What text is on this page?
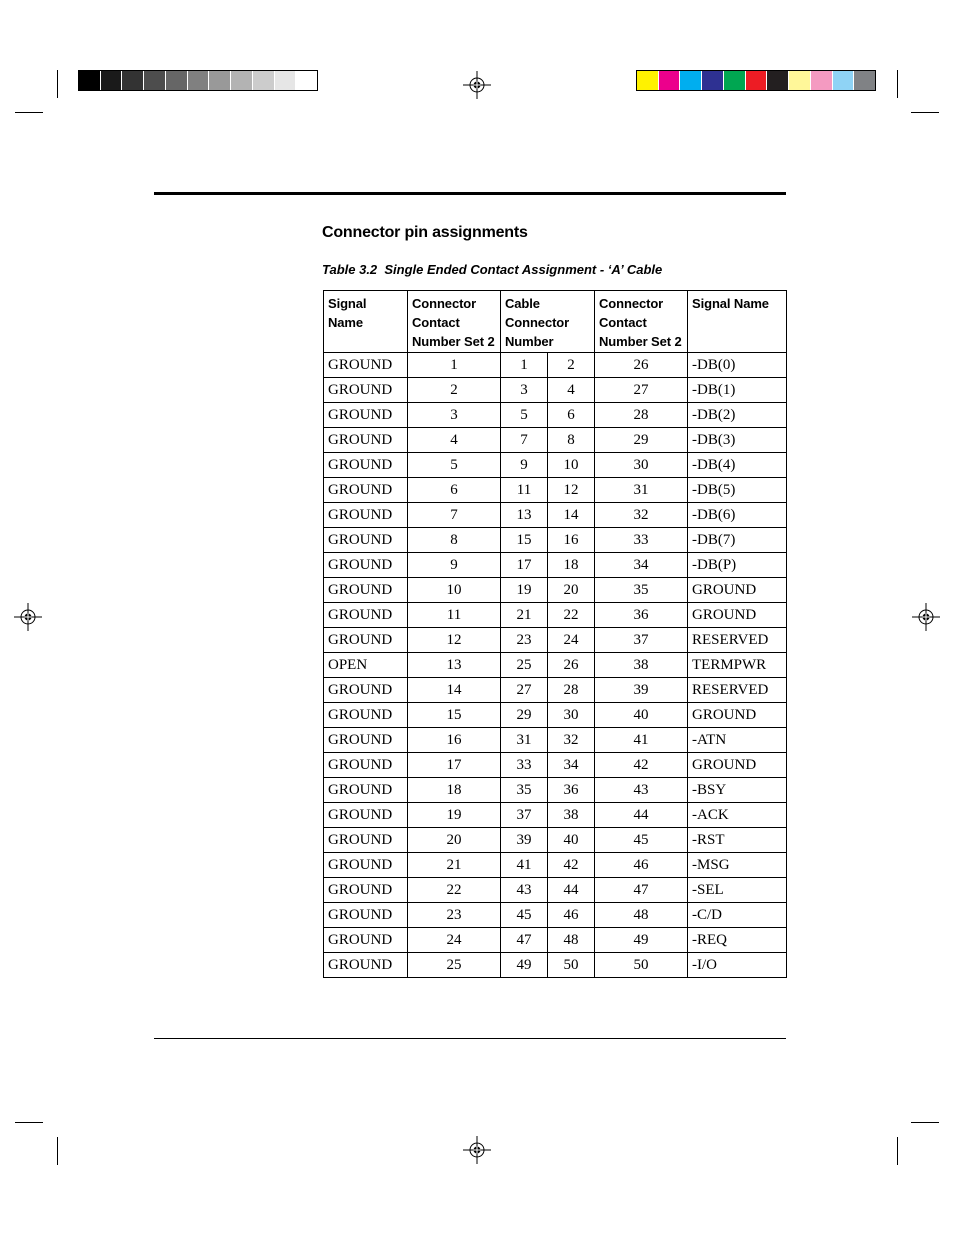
Connector pin assignments
Table 3.2  Single Ended Contact Assignment - ‘A’ Cable
Signal
Name	Connector
Contact
Number Set 2	Cable
Connector
Number		Connector
Contact
Number Set 2	Signal Name

GROUND	1	1	2	26	-DB(0)
GROUND	2	3	4	27	-DB(1)
GROUND	3	5	6	28	-DB(2)
GROUND	4	7	8	29	-DB(3)
GROUND	5	9	10	30	-DB(4)
GROUND	6	11	12	31	-DB(5)
GROUND	7	13	14	32	-DB(6)
GROUND	8	15	16	33	-DB(7)
GROUND	9	17	18	34	-DB(P)
GROUND	10	19	20	35	GROUND
GROUND	11	21	22	36	GROUND
GROUND	12	23	24	37	RESERVED
OPEN	13	25	26	38	TERMPWR
GROUND	14	27	28	39	RESERVED
GROUND	15	29	30	40	GROUND
GROUND	16	31	32	41	-ATN
GROUND	17	33	34	42	GROUND
GROUND	18	35	36	43	-BSY
GROUND	19	37	38	44	-ACK
GROUND	20	39	40	45	-RST
GROUND	21	41	42	46	-MSG
GROUND	22	43	44	47	-SEL
GROUND	23	45	46	48	-C/D
GROUND	24	47	48	49	-REQ
GROUND	25	49	50	50	-I/O
